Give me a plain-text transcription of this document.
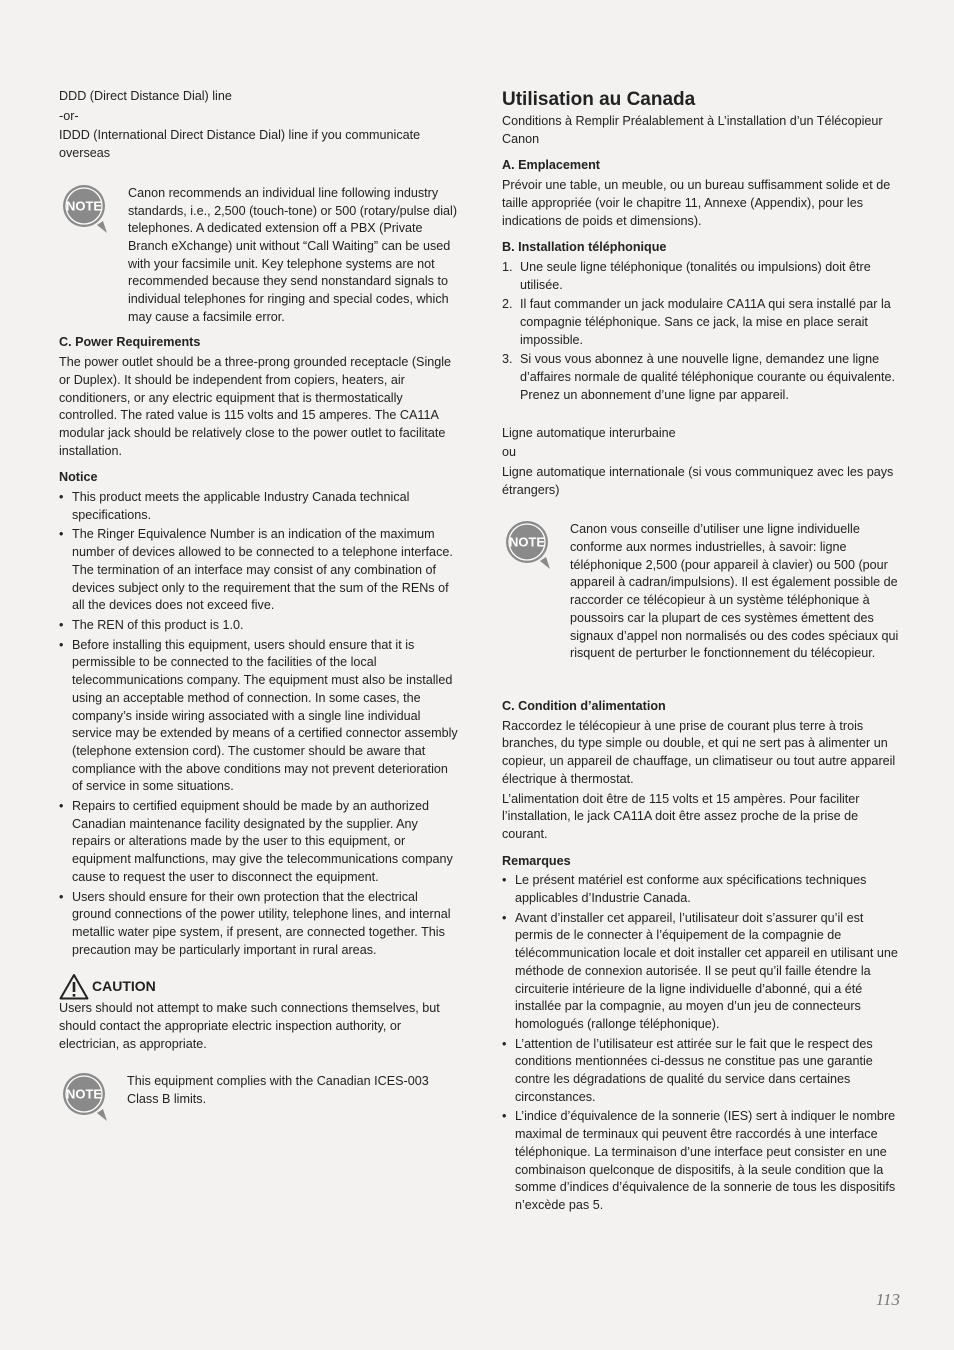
DDD (Direct Distance Dial) line

-or-

IDDD (International Direct Distance Dial) line if you communicate overseas

NOTE

Canon recommends an individual line following industry standards, i.e., 2,500 (touch-tone) or 500 (rotary/pulse dial) telephones. A dedicated extension off a PBX (Private Branch eXchange) unit without “Call Waiting” can be used with your facsimile unit. Key telephone systems are not recommended because they send nonstandard signals to individual telephones for ringing and special codes, which may cause a facsimile error.

C. Power Requirements

The power outlet should be a three-prong grounded receptacle (Single or Duplex). It should be independent from copiers, heaters, air conditioners, or any electric equipment that is thermostatically controlled. The rated value is 115 volts and 15 amperes. The CA11A modular jack should be relatively close to the power outlet to facilitate installation.

Notice

• This product meets the applicable Industry Canada technical specifications.
• The Ringer Equivalence Number is an indication of the maximum number of devices allowed to be connected to a telephone interface. The termination of an interface may consist of any combination of devices subject only to the requirement that the sum of the RENs of all the devices does not exceed five.
• The REN of this product is 1.0.
• Before installing this equipment, users should ensure that it is permissible to be connected to the facilities of the local telecommunications company. The equipment must also be installed using an acceptable method of connection. In some cases, the company’s inside wiring associated with a single line individual service may be extended by means of a certified connector assembly (telephone extension cord). The customer should be aware that compliance with the above conditions may not prevent deterioration of service in some situations.
• Repairs to certified equipment should be made by an authorized Canadian maintenance facility designated by the supplier. Any repairs or alterations made by the user to this equipment, or equipment malfunctions, may give the telecommunications company cause to request the user to disconnect the equipment.
• Users should ensure for their own protection that the electrical ground connections of the power utility, telephone lines, and internal metallic water pipe system, if present, are connected together. This precaution may be particularly important in rural areas.
CAUTION

Users should not attempt to make such connections themselves, but should contact the appropriate electric inspection authority, or electrician, as appropriate.

NOTE

This equipment complies with the Canadian ICES-003 Class B limits.

Utilisation au Canada

Conditions à Remplir Préalablement à L’installation d’un Télécopieur Canon

A. Emplacement

Prévoir une table, un meuble, ou un bureau suffisamment solide et de taille appropriée (voir le chapitre 11, Annexe (Appendix), pour les indications de poids et dimensions).

B. Installation téléphonique

1. Une seule ligne téléphonique (tonalités ou impulsions) doit être utilisée.
2. Il faut commander un jack modulaire CA11A qui sera installé par la compagnie téléphonique. Sans ce jack, la mise en place serait impossible.
3. Si vous vous abonnez à une nouvelle ligne, demandez une ligne d’affaires normale de qualité téléphonique courante ou équivalente. Prenez un abonnement d’une ligne par appareil.

Ligne automatique interurbaine

ou

Ligne automatique internationale (si vous communiquez avec les pays étrangers)

NOTE

Canon vous conseille d’utiliser une ligne individuelle conforme aux normes industrielles, à savoir: ligne téléphonique 2,500 (pour appareil à clavier) ou 500 (pour appareil à cadran/impulsions). Il est également possible de raccorder ce télécopieur à un système téléphonique à poussoirs car la plupart de ces systèmes émettent des signaux d’appel non normalisés ou des codes spéciaux qui risquent de perturber le fonctionnement du télécopieur.

C. Condition d’alimentation

Raccordez le télécopieur à une prise de courant plus terre à trois branches, du type simple ou double, et qui ne sert pas à alimenter un copieur, un appareil de chauffage, un climatiseur ou tout autre appareil électrique à thermostat.

L’alimentation doit être de 115 volts et 15 ampères. Pour faciliter l’installation, le jack CA11A doit être assez proche de la prise de courant.

Remarques

• Le présent matériel est conforme aux spécifications techniques applicables d’Industrie Canada.
• Avant d’installer cet appareil, l’utilisateur doit s’assurer qu’il est permis de le connecter à l’équipement de la compagnie de télécommunication locale et doit installer cet appareil en utilisant une méthode de connexion autorisée. Il se peut qu’il faille étendre la circuiterie intérieure de la ligne individuelle d’abonné, qui a été installée par la compagnie, au moyen d’un jeu de connecteurs homologués (rallonge téléphonique).
• L’attention de l’utilisateur est attirée sur le fait que le respect des conditions mentionnées ci-dessus ne constitue pas une garantie contre les dégradations de qualité du service dans certaines circonstances.
• L’indice d’équivalence de la sonnerie (IES) sert à indiquer le nombre maximal de terminaux qui peuvent être raccordés à une interface téléphonique. La terminaison d’une interface peut consister en une combinaison quelconque de dispositifs, à la seule condition que la somme d’indices d’équivalence de la sonnerie de tous les dispositifs n’excède pas 5.
113
